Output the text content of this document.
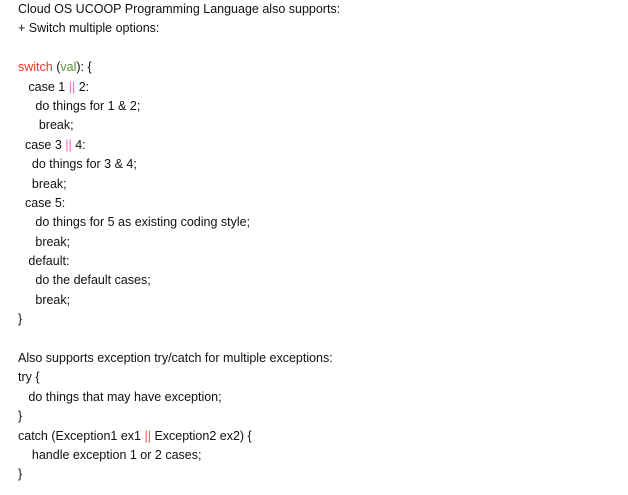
Cloud OS UCOOP Programming Language also supports:
+ Switch multiple options:

switch (val): {
case 1 || 2:
do things for 1 & 2;
break;
case 3 || 4:
do things for 3 & 4;
break;
case 5:
do things for 5 as existing coding style;
break;
default:
do the default cases;
break;
}

Also supports exception try/catch for multiple exceptions:
try {
do things that may have exception;
}
catch (Exception1 ex1 || Exception2 ex2) {
handle exception 1 or 2 cases;
}
